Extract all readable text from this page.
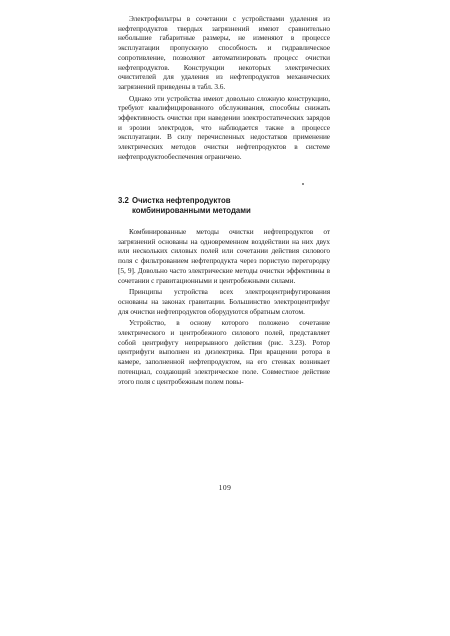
Электрофильтры в сочетании с устройствами удаления из нефтепродуктов твердых загрязнений имеют сравнительно небольшие габаритные размеры, не изменяют в процессе эксплуатации пропускную способность и гидравлическое сопротивление, позволяют автоматизировать процесс очистки нефтепродуктов. Конструкции некоторых электрических очистителей для удаления из нефтепродуктов механических загрязнений приведены в табл. 3.6.

Однако эти устройства имеют довольно сложную конструкцию, требуют квалифицированного обслуживания, способны снижать эффективность очистки при наведении электростатических зарядов и эрозии электродов, что наблюдается также в процессе эксплуатации. В силу перечисленных недостатков применение электрических методов очистки нефтепродуктов в системе нефтепродуктообеспечения ограничено.

3.2 Очистка нефтепродуктов
комбинированными методами

Комбинированные методы очистки нефтепродуктов от загрязнений основаны на одновременном воздействии на них двух или нескольких силовых полей или сочетании действия силового поля с фильтрованием нефтепродукта через пористую перегородку [5, 9]. Довольно часто электрические методы очистки эффективны в сочетании с гравитационными и центробежными силами.

Принципы устройства всех электроцентрифугирования основаны на законах гравитации. Большинство электроцентрифуг для очистки нефтепродуктов оборудуются обратным слотом.

Устройство, в основу которого положено сочетание электрического и центробежного силового полей, представляет собой центрифугу непрерывного действия (рис. 3.23). Ротор центрифуги выполнен из диэлектрика. При вращении ротора в камере, заполненной нефтепродуктом, на его стенках возникает потенциал, создающий электрическое поле. Совместное действие этого поля с центробежным полем повы-

109
